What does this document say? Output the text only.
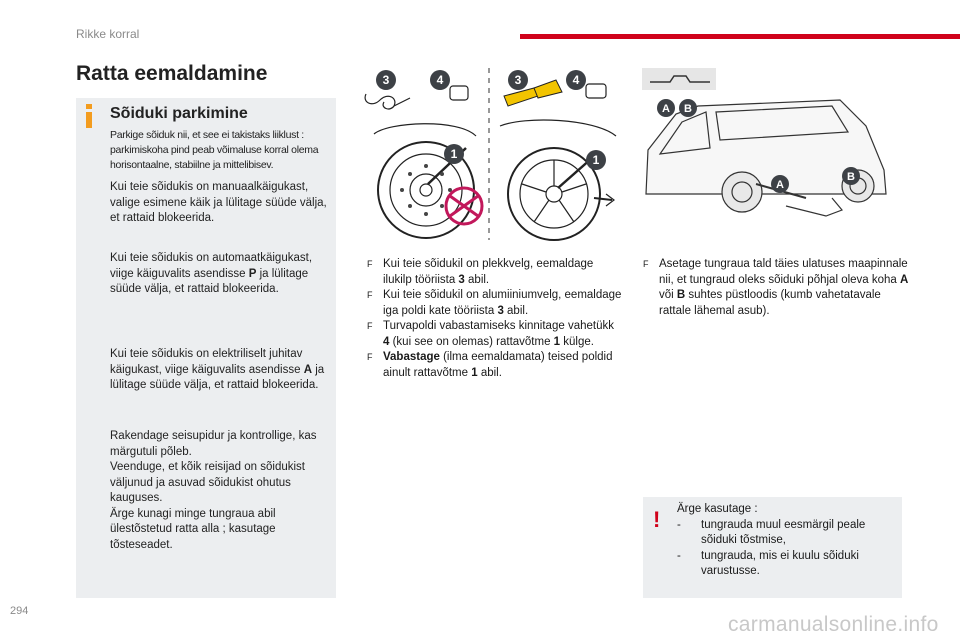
Rikke korral
Ratta eemaldamine
Sõiduki parkimine
Parkige sõiduk nii, et see ei takistaks liiklust : parkimiskoha pind peab võimaluse korral olema horisontaalne, stabiilne ja mittelibisev.
Kui teie sõidukis on manuaalkäigukast, valige esimene käik ja lülitage süüde välja, et rattaid blokeerida.
Kui teie sõidukis on automaatkäigukast, viige käiguvalits asendisse P ja lülitage süüde välja, et rattaid blokeerida.
Kui teie sõidukis on elektriliselt juhitav käigukast, viige käiguvalits asendisse A ja lülitage süüde välja, et rattaid blokeerida.
Rakendage seisupidur ja kontrollige, kas märgutuli põleb.
Veenduge, et kõik reisijad on sõidukist väljunud ja asuvad sõidukist ohutus kauguses.
Ärge kunagi minge tungraua abil ülestõstetud ratta alla ; kasutage tõsteseadet.
3	4
1
3	4
1
A B
A
B
F Kui teie sõidukil on plekkvelg, eemaldage ilukilp tööriista 3 abil.
F Kui teie sõidukil on alumiiniumvelg, eemaldage iga poldi kate tööriista 3 abil.
F Turvapoldi vabastamiseks kinnitage vahetükk 4 (kui see on olemas) rattavõtme 1 külge.
F Vabastage (ilma eemaldamata) teised poldid ainult rattavõtme 1 abil.
F Asetage tungraua tald täies ulatuses maapinnale nii, et tungraud oleks sõiduki põhjal oleva koha A või B suhtes püstloodis (kumb vahetatavale rattale lähemal asub).
! Ärge kasutage :
- tungrauda muul eesmärgil peale sõiduki tõstmise,
- tungrauda, mis ei kuulu sõiduki varustusse.
294
carmanualsonline.info
